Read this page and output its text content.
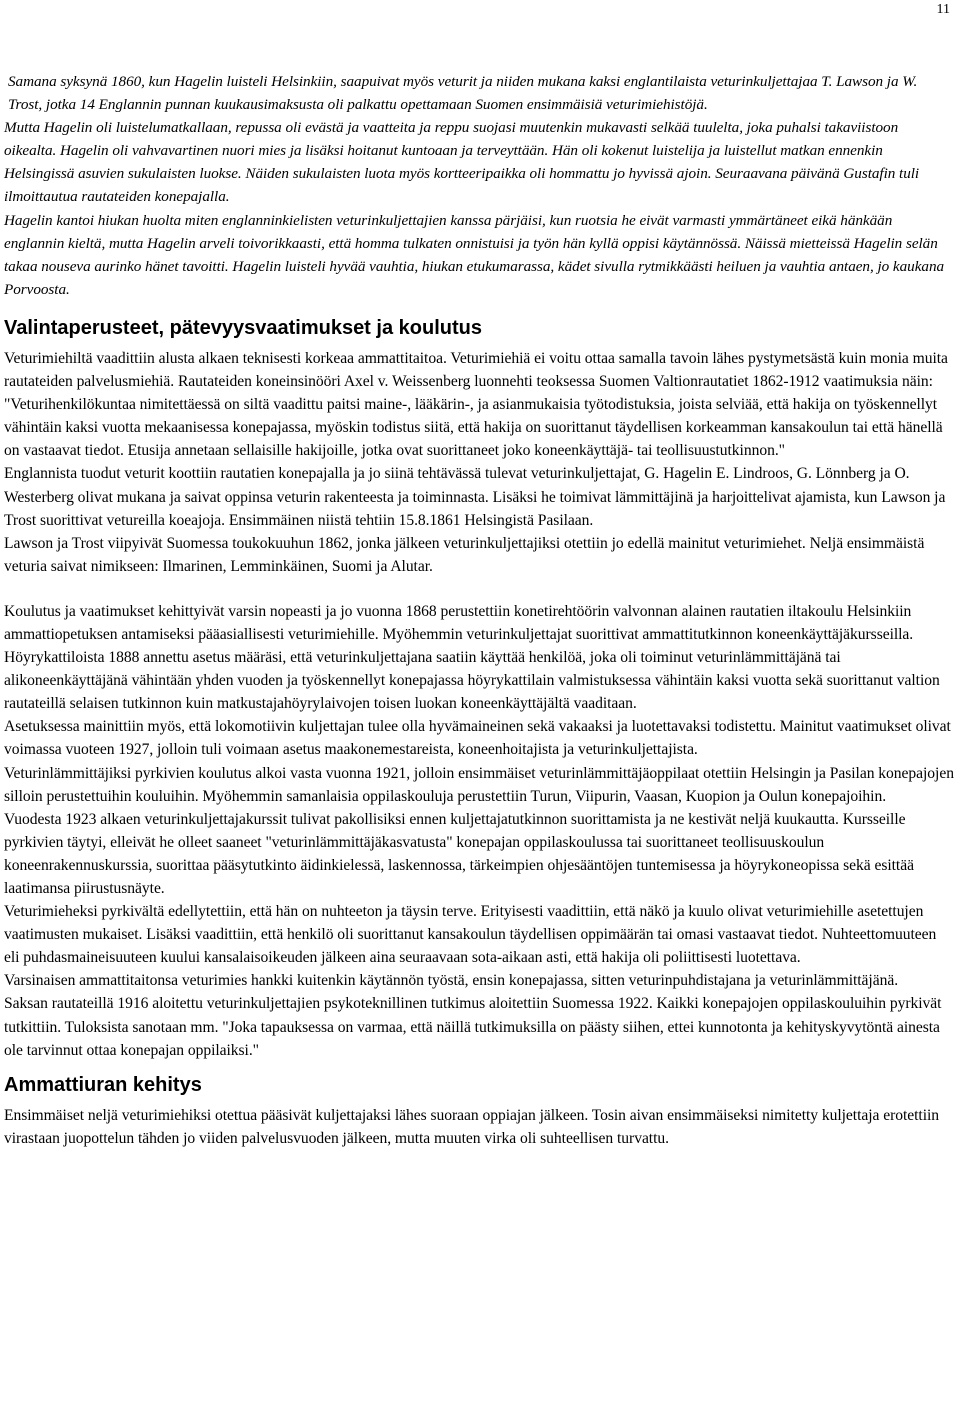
11

Samana syksynä 1860, kun Hagelin luisteli Helsinkiin, saapuivat myös veturit ja niiden mukana kaksi englantilaista veturinkuljettajaa T. Lawson ja W. Trost, jotka 14 Englannin punnan kuukausimaksusta oli palkattu opettamaan Suomen ensimmäisiä veturimiehistöjä.

Mutta Hagelin oli luistelumatkallaan, repussa oli evästä ja vaatteita ja reppu suojasi muutenkin mukavasti selkää tuulelta, joka puhalsi takaviistoon oikealta. Hagelin oli vahvavartinen nuori mies ja lisäksi hoitanut kuntoaan ja terveyttään. Hän oli kokenut luistelija ja luistellut matkan ennenkin Helsingissä asuvien sukulaisten luokse. Näiden sukulaisten luota myös kortteeripaikka oli hommattu jo hyvissä ajoin. Seuraavana päivänä Gustafin tuli ilmoittautua rautateiden konepajalla.

Hagelin kantoi hiukan huolta miten englanninkielisten veturinkuljettajien kanssa pärjäisi, kun ruotsia he eivät varmasti ymmärtäneet eikä hänkään englannin kieltä, mutta Hagelin arveli toivorikkaasti, että homma tulkaten onnistuisi ja työn hän kyllä oppisi käytännössä. Näissä mietteissä Hagelin selän takaa nouseva aurinko hänet tavoitti. Hagelin luisteli hyvää vauhtia, hiukan etukumarassa, kädet sivulla rytmikkäästi heiluen ja vauhtia antaen, jo kaukana Porvoosta.

Valintaperusteet, pätevyysvaatimukset ja koulutus

Veturimiehiltä vaadittiin alusta alkaen teknisesti korkeaa ammattitaitoa. Veturimiehiä ei voitu ottaa samalla tavoin lähes pystymetsästä kuin monia muita rautateiden palvelusmiehiä. Rautateiden koneinsinööri Axel v. Weissenberg luonnehti teoksessa Suomen Valtionrautatiet 1862-1912 vaatimuksia näin: "Veturihenkilökuntaa nimitettäessä on siltä vaadittu paitsi maine-, lääkärin-, ja asianmukaisia työtodistuksia, joista selviää, että hakija on työskennellyt vähintäin kaksi vuotta mekaanisessa konepajassa, myöskin todistus siitä, että hakija on suorittanut täydellisen korkeamman kansakoulun tai että hänellä on vastaavat tiedot. Etusija annetaan sellaisille hakijoille, jotka ovat suorittaneet joko koneenkäyttäjä- tai teollisuustutkinnon."

Englannista tuodut veturit koottiin rautatien konepajalla ja jo siinä tehtävässä tulevat veturinkuljettajat, G. Hagelin E. Lindroos, G. Lönnberg ja O. Westerberg olivat mukana ja saivat oppinsa veturin rakenteesta ja toiminnasta. Lisäksi he toimivat lämmittäjinä ja harjoittelivat ajamista, kun Lawson ja Trost suorittivat vetureilla koeajoja. Ensimmäinen niistä tehtiin 15.8.1861 Helsingistä Pasilaan.

Lawson ja Trost viipyivät Suomessa toukokuuhun 1862, jonka jälkeen veturinkuljettajiksi otettiin jo edellä mainitut veturimiehet. Neljä ensimmäistä veturia saivat nimikseen: Ilmarinen, Lemminkäinen, Suomi ja Alutar.

Koulutus ja vaatimukset kehittyivät varsin nopeasti ja jo vuonna 1868 perustettiin konetirehtöörin valvonnan alainen rautatien iltakoulu Helsinkiin ammattiopetuksen antamiseksi pääasiallisesti veturimiehille. Myöhemmin veturinkuljettajat suorittivat ammattitutkinnon koneenkäyttäjäkursseilla. Höyrykattiloista 1888 annettu asetus määräsi, että veturinkuljettajana saatiin käyttää henkilöä, joka oli toiminut veturinlämmittäjänä tai alikoneenkäyttäjänä vähintään yhden vuoden ja työskennellyt konepajassa höyrykattilain valmistuksessa vähintäin kaksi vuotta sekä suorittanut valtion rautateillä selaisen tutkinnon kuin matkustajahöyrylaivojen toisen luokan koneenkäyttäjältä vaaditaan.

Asetuksessa mainittiin myös, että lokomotiivin kuljettajan tulee olla hyvämaineinen sekä vakaaksi ja luotettavaksi todistettu. Mainitut vaatimukset olivat voimassa vuoteen 1927, jolloin tuli voimaan asetus maakonemestareista, koneenhoitajista ja veturinkuljettajista.

Veturinlämmittäjiksi pyrkivien koulutus alkoi vasta vuonna 1921, jolloin ensimmäiset veturinlämmittäjäoppilaat otettiin Helsingin ja Pasilan konepajojen silloin perustettuihin kouluihin. Myöhemmin samanlaisia oppilaskouluja perustettiin Turun, Viipurin, Vaasan, Kuopion ja Oulun konepajoihin.

Vuodesta 1923 alkaen veturinkuljettajakurssit tulivat pakollisiksi ennen kuljettajatutkinnon suorittamista ja ne kestivät neljä kuukautta. Kursseille pyrkivien täytyi, elleivät he olleet saaneet "veturinlämmittäjäkasvatusta" konepajan oppilaskoulussa tai suorittaneet teollisuuskoulun koneenrakennuskurssia, suorittaa pääsytutkinto äidinkielessä, laskennossa, tärkeimpien ohjesääntöjen tuntemisessa ja höyrykoneopissa sekä esittää laatimansa piirustusnäyte.

Veturimieheksi pyrkivältä edellytettiin, että hän on nuhteeton ja täysin terve. Erityisesti vaadittiin, että näkö ja kuulo olivat veturimiehille asetettujen vaatimusten mukaiset. Lisäksi vaadittiin, että henkilö oli suorittanut kansakoulun täydellisen oppimäärän tai omasi vastaavat tiedot. Nuhteettomuuteen eli puhdasmaineisuuteen kuului kansalaisoikeuden jälkeen aina seuraavaan sota-aikaan asti, että hakija oli poliittisesti luotettava.

Varsinaisen ammattitaitonsa veturimies hankki kuitenkin käytännön työstä, ensin konepajassa, sitten veturinpuhdistajana ja veturinlämmittäjänä.

Saksan rautateillä 1916 aloitettu veturinkuljettajien psykoteknillinen tutkimus aloitettiin Suomessa 1922. Kaikki konepajojen oppilaskouluihin pyrkivät tutkittiin. Tuloksista sanotaan mm. "Joka tapauksessa on varmaa, että näillä tutkimuksilla on päästy siihen, ettei kunnotonta ja kehityskyvytöntä ainesta ole tarvinnut ottaa konepajan oppilaiksi."

Ammattiuran kehitys

Ensimmäiset neljä veturimiehiksi otettua pääsivät kuljettajaksi lähes suoraan oppiajan jälkeen. Tosin aivan ensimmäiseksi nimitetty kuljettaja erotettiin virastaan juopottelun tähden jo viiden palvelusvuoden jälkeen, mutta muuten virka oli suhteellisen turvattu.
